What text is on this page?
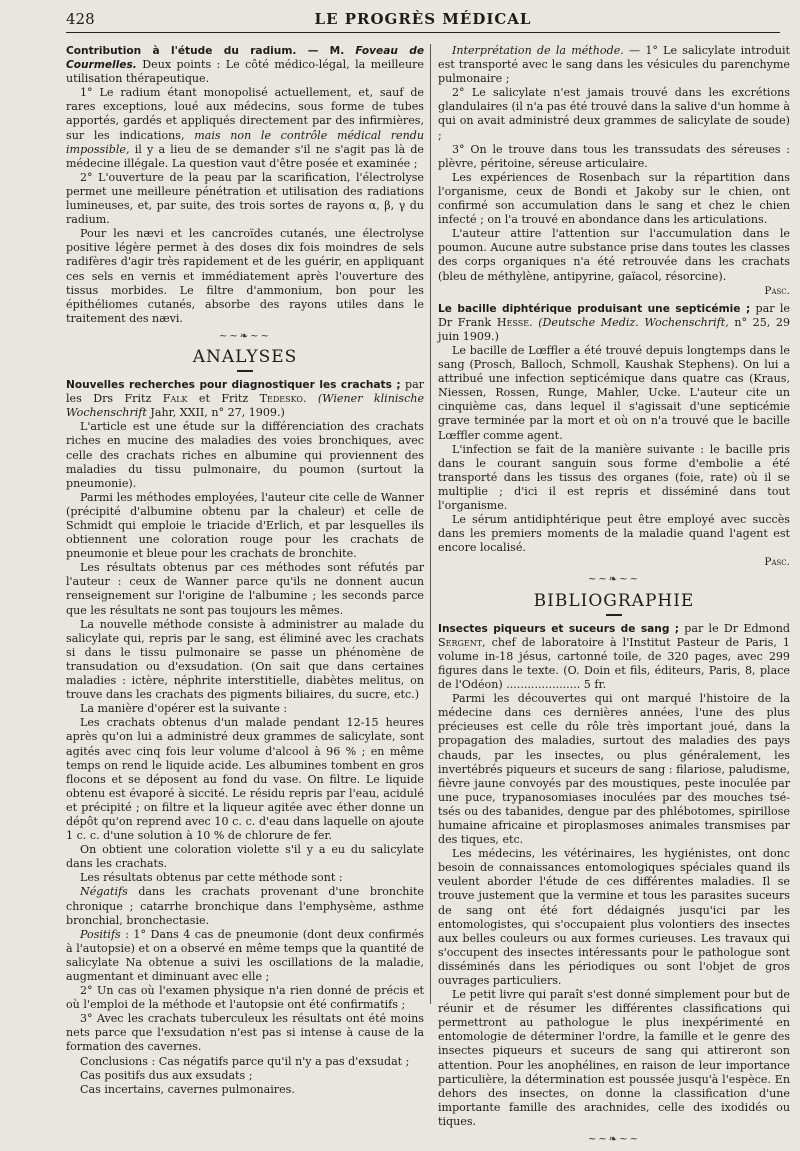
428	LE PROGRÈS MÉDICAL

Contribution à l'étude du radium. — M. Foveau de Courmelles. Deux points : Le côté médico-légal, la meilleure utilisation thérapeutique.

1° Le radium étant monopolisé actuellement, et, sauf de rares exceptions, loué aux médecins, sous forme de tubes apportés, gardés et appliqués directement par des infirmières, sur les indications, mais non le contrôle médical rendu impossible, il y a lieu de se demander s'il ne s'agit pas là de médecine illégale. La question vaut d'être posée et examinée ;

2° L'ouverture de la peau par la scarification, l'électrolyse permet une meilleure pénétration et utilisation des radiations lumineuses, et, par suite, des trois sortes de rayons α, β, γ du radium.

Pour les nævi et les cancroïdes cutanés, une électrolyse positive légère permet à des doses dix fois moindres de sels radifères d'agir très rapidement et de les guérir, en appliquant ces sels en vernis et immédiatement après l'ouverture des tissus morbides. Le filtre d'ammonium, bon pour les épithéliomes cutanés, absorbe des rayons utiles dans le traitement des nævi.

~~❧~~
ANALYSES

Nouvelles recherches pour diagnostiquer les crachats ; par les Drs Fritz Falk et Fritz Tedesko. (Wiener klinische Wochenschrift Jahr, XXII, n° 27, 1909.)

L'article est une étude sur la différenciation des crachats riches en mucine des maladies des voies bronchiques, avec celle des crachats riches en albumine qui proviennent des maladies du tissu pulmonaire, du poumon (surtout la pneumonie).

Parmi les méthodes employées, l'auteur cite celle de Wanner (précipité d'albumine obtenu par la chaleur) et celle de Schmidt qui emploie le triacide d'Erlich, et par lesquelles ils obtiennent une coloration rouge pour les crachats de pneumonie et bleue pour les crachats de bronchite.

Les résultats obtenus par ces méthodes sont réfutés par l'auteur : ceux de Wanner parce qu'ils ne donnent aucun renseignement sur l'origine de l'albumine ; les seconds parce que les résultats ne sont pas toujours les mêmes.

La nouvelle méthode consiste à administrer au malade du salicylate qui, repris par le sang, est éliminé avec les crachats si dans le tissu pulmonaire se passe un phénomène de transudation ou d'exsudation. (On sait que dans certaines maladies : ictère, néphrite interstitielle, diabètes melitus, on trouve dans les crachats des pigments biliaires, du sucre, etc.)

La manière d'opérer est la suivante :

Les crachats obtenus d'un malade pendant 12-15 heures après qu'on lui a administré deux grammes de salicylate, sont agités avec cinq fois leur volume d'alcool à 96 % ; en même temps on rend le liquide acide. Les albumines tombent en gros flocons et se déposent au fond du vase. On filtre. Le liquide obtenu est évaporé à siccité. Le résidu repris par l'eau, acidulé et précipité ; on filtre et la liqueur agitée avec éther donne un dépôt qu'on reprend avec 10 c. c. d'eau dans laquelle on ajoute 1 c. c. d'une solution à 10 % de chlorure de fer.

On obtient une coloration violette s'il y a eu du salicylate dans les crachats.

Les résultats obtenus par cette méthode sont :

Négatifs dans les crachats provenant d'une bronchite chronique ; catarrhe bronchique dans l'emphysème, asthme bronchial, bronchectasie.

Positifs : 1° Dans 4 cas de pneumonie (dont deux confirmés à l'autopsie) et on a observé en même temps que la quantité de salicylate Na obtenue a suivi les oscillations de la maladie, augmentant et diminuant avec elle ;

2° Un cas où l'examen physique n'a rien donné de précis et où l'emploi de la méthode et l'autopsie ont été confirmatifs ;

3° Avec les crachats tuberculeux les résultats ont été moins nets parce que l'exsudation n'est pas si intense à cause de la formation des cavernes.

Conclusions : Cas négatifs parce qu'il n'y a pas d'exsudat ;

Cas positifs dus aux exsudats ;

Cas incertains, cavernes pulmonaires.

Interprétation de la méthode. — 1° Le salicylate introduit est transporté avec le sang dans les vésicules du parenchyme pulmonaire ;

2° Le salicylate n'est jamais trouvé dans les excrétions glandulaires (il n'a pas été trouvé dans la salive d'un homme à qui on avait administré deux grammes de salicylate de soude) ;

3° On le trouve dans tous les transsudats des séreuses : plèvre, péritoine, séreuse articulaire.

Les expériences de Rosenbach sur la répartition dans l'organisme, ceux de Bondi et Jakoby sur le chien, ont confirmé son accumulation dans le sang et chez le chien infecté ; on l'a trouvé en abondance dans les articulations.

L'auteur attire l'attention sur l'accumulation dans le poumon. Aucune autre substance prise dans toutes les classes des corps organiques n'a été retrouvée dans les crachats (bleu de méthylène, antipyrine, gaïacol, résorcine).

Pasc.

Le bacille diphtérique produisant une septicémie ; par le Dr Frank Hesse. (Deutsche Mediz. Wochenschrift, n° 25, 29 juin 1909.)

Le bacille de Lœffler a été trouvé depuis longtemps dans le sang (Prosch, Balloch, Schmoll, Kaushak Stephens). On lui a attribué une infection septicémique dans quatre cas (Kraus, Niessen, Rossen, Runge, Mahler, Ucke. L'auteur cite un cinquième cas, dans lequel il s'agissait d'une septicémie grave terminée par la mort et où on n'a trouvé que le bacille Lœffler comme agent.

L'infection se fait de la manière suivante : le bacille pris dans le courant sanguin sous forme d'embolie a été transporté dans les tissus des organes (foie, rate) où il se multiplie ; d'ici il est repris et disséminé dans tout l'organisme.

Le sérum antidiphtérique peut être employé avec succès dans les premiers moments de la maladie quand l'agent est encore localisé.

Pasc.
~~❧~~
BIBLIOGRAPHIE

Insectes piqueurs et suceurs de sang ; par le Dr Edmond Sergent, chef de laboratoire à l'Institut Pasteur de Paris, 1 volume in-18 jésus, cartonné toile, de 320 pages, avec 299 figures dans le texte. (O. Doin et fils, éditeurs, Paris, 8, place de l'Odéon) ..................... 5 fr.

Parmi les découvertes qui ont marqué l'histoire de la médecine dans ces dernières années, l'une des plus précieuses est celle du rôle très important joué, dans la propagation des maladies, surtout des maladies des pays chauds, par les insectes, ou plus généralement, les invertébrés piqueurs et suceurs de sang : filariose, paludisme, fièvre jaune convoyés par des moustiques, peste inoculée par une puce, trypanosomiases inoculées par des mouches tsé-tsés ou des tabanides, dengue par des phlébotomes, spirillose humaine africaine et piroplasmoses animales transmises par des tiques, etc.

Les médecins, les vétérinaires, les hygiénistes, ont donc besoin de connaissances entomologiques spéciales quand ils veulent aborder l'étude de ces différentes maladies. Il se trouve justement que la vermine et tous les parasites suceurs de sang ont été fort dédaignés jusqu'ici par les entomologistes, qui s'occupaient plus volontiers des insectes aux belles couleurs ou aux formes curieuses. Les travaux qui s'occupent des insectes intéressants pour le pathologue sont disséminés dans les périodiques ou sont l'objet de gros ouvrages particuliers.

Le petit livre qui paraît s'est donné simplement pour but de réunir et de résumer les différentes classifications qui permettront au pathologue le plus inexpérimenté en entomologie de déterminer l'ordre, la famille et le genre des insectes piqueurs et suceurs de sang qui attireront son attention. Pour les anophélines, en raison de leur importance particulière, la détermination est poussée jusqu'à l'espèce. En dehors des insectes, on donne la classification d'une importante famille des arachnides, celle des ixodidés ou tiques.

~~❧~~
